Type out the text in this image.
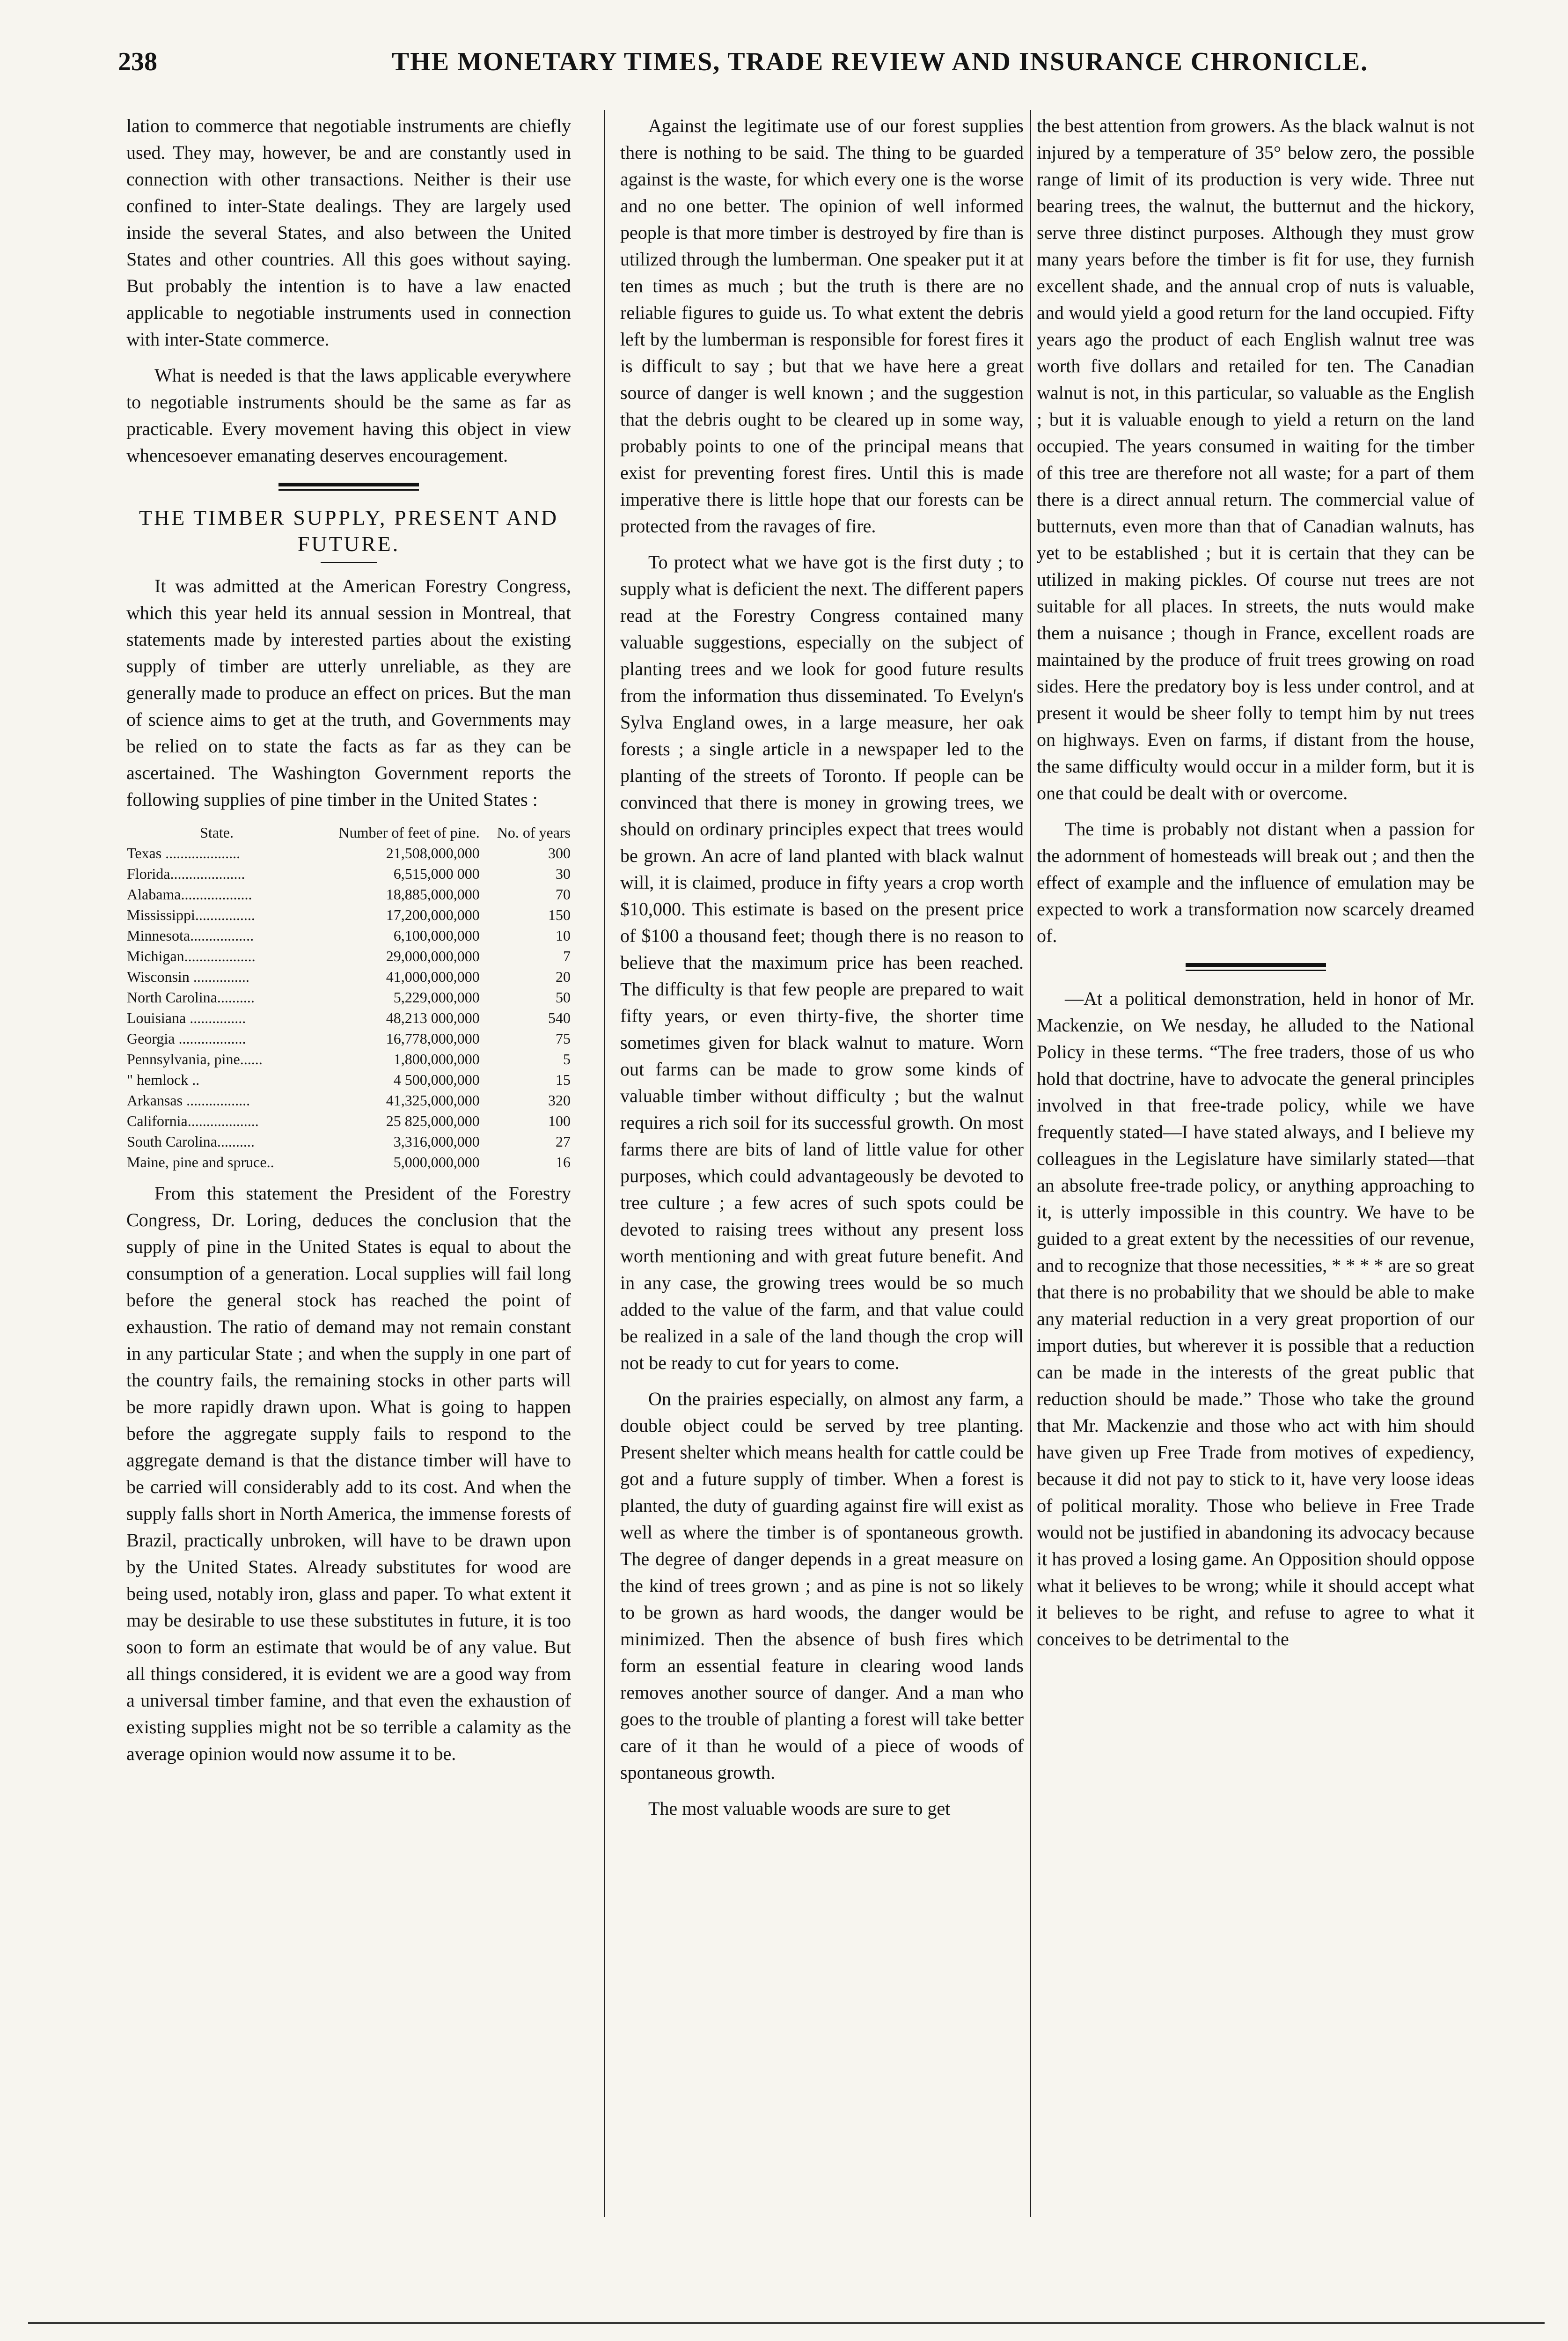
238	THE MONETARY TIMES, TRADE REVIEW AND INSURANCE CHRONICLE.

lation to commerce that negotiable instruments are chiefly used. They may, however, be and are constantly used in connection with other transactions. Neither is their use confined to inter-State dealings. They are largely used inside the several States, and also between the United States and other countries. All this goes without saying. But probably the intention is to have a law enacted applicable to negotiable instruments used in connection with inter-State commerce.

What is needed is that the laws applicable everywhere to negotiable instruments should be the same as far as practicable. Every movement having this object in view whencesoever emanating deserves encouragement.

THE TIMBER SUPPLY, PRESENT AND FUTURE.

It was admitted at the American Forestry Congress, which this year held its annual session in Montreal, that statements made by interested parties about the existing supply of timber are utterly unreliable, as they are generally made to produce an effect on prices. But the man of science aims to get at the truth, and Governments may be relied on to state the facts as far as they can be ascertained. The Washington Government reports the following supplies of pine timber in the United States :

State.	Number of feet of pine.	No. of years
Texas ....................	21,508,000,000	300
Florida....................	6,515,000 000	30
Alabama...................	18,885,000,000	70
Mississippi................	17,200,000,000	150
Minnesota.................	6,100,000,000	10
Michigan...................	29,000,000,000	7
Wisconsin ...............	41,000,000,000	20
North Carolina..........	5,229,000,000	50
Louisiana ...............	48,213 000,000	540
Georgia ..................	16,778,000,000	75
Pennsylvania, pine......	1,800,000,000	5
" hemlock ..	4 500,000,000	15
Arkansas .................	41,325,000,000	320
California...................	25 825,000,000	100
South Carolina..........	3,316,000,000	27
Maine, pine and spruce..	5,000,000,000	16

From this statement the President of the Forestry Congress, Dr. Loring, deduces the conclusion that the supply of pine in the United States is equal to about the consumption of a generation. Local supplies will fail long before the general stock has reached the point of exhaustion. The ratio of demand may not remain constant in any particular State ; and when the supply in one part of the country fails, the remaining stocks in other parts will be more rapidly drawn upon. What is going to happen before the aggregate supply fails to respond to the aggregate demand is that the distance timber will have to be carried will considerably add to its cost. And when the supply falls short in North America, the immense forests of Brazil, practically unbroken, will have to be drawn upon by the United States. Already substitutes for wood are being used, notably iron, glass and paper. To what extent it may be desirable to use these substitutes in future, it is too soon to form an estimate that would be of any value. But all things considered, it is evident we are a good way from a universal timber famine, and that even the exhaustion of existing supplies might not be so terrible a calamity as the average opinion would now assume it to be.

Against the legitimate use of our forest supplies there is nothing to be said. The thing to be guarded against is the waste, for which every one is the worse and no one better. The opinion of well informed people is that more timber is destroyed by fire than is utilized through the lumberman. One speaker put it at ten times as much ; but the truth is there are no reliable figures to guide us. To what extent the debris left by the lumberman is responsible for forest fires it is difficult to say ; but that we have here a great source of danger is well known ; and the suggestion that the debris ought to be cleared up in some way, probably points to one of the principal means that exist for preventing forest fires. Until this is made imperative there is little hope that our forests can be protected from the ravages of fire.

To protect what we have got is the first duty ; to supply what is deficient the next. The different papers read at the Forestry Congress contained many valuable suggestions, especially on the subject of planting trees and we look for good future results from the information thus disseminated. To Evelyn's Sylva England owes, in a large measure, her oak forests ; a single article in a newspaper led to the planting of the streets of Toronto. If people can be convinced that there is money in growing trees, we should on ordinary principles expect that trees would be grown. An acre of land planted with black walnut will, it is claimed, produce in fifty years a crop worth $10,000. This estimate is based on the present price of $100 a thousand feet; though there is no reason to believe that the maximum price has been reached. The difficulty is that few people are prepared to wait fifty years, or even thirty-five, the shorter time sometimes given for black walnut to mature. Worn out farms can be made to grow some kinds of valuable timber without difficulty ; but the walnut requires a rich soil for its successful growth. On most farms there are bits of land of little value for other purposes, which could advantageously be devoted to tree culture ; a few acres of such spots could be devoted to raising trees without any present loss worth mentioning and with great future benefit. And in any case, the growing trees would be so much added to the value of the farm, and that value could be realized in a sale of the land though the crop will not be ready to cut for years to come.

On the prairies especially, on almost any farm, a double object could be served by tree planting. Present shelter which means health for cattle could be got and a future supply of timber. When a forest is planted, the duty of guarding against fire will exist as well as where the timber is of spontaneous growth. The degree of danger depends in a great measure on the kind of trees grown ; and as pine is not so likely to be grown as hard woods, the danger would be minimized. Then the absence of bush fires which form an essential feature in clearing wood lands removes another source of danger. And a man who goes to the trouble of planting a forest will take better care of it than he would of a piece of woods of spontaneous growth.

The most valuable woods are sure to get

the best attention from growers. As the black walnut is not injured by a temperature of 35° below zero, the possible range of limit of its production is very wide. Three nut bearing trees, the walnut, the butternut and the hickory, serve three distinct purposes. Although they must grow many years before the timber is fit for use, they furnish excellent shade, and the annual crop of nuts is valuable, and would yield a good return for the land occupied. Fifty years ago the product of each English walnut tree was worth five dollars and retailed for ten. The Canadian walnut is not, in this particular, so valuable as the English ; but it is valuable enough to yield a return on the land occupied. The years consumed in waiting for the timber of this tree are therefore not all waste; for a part of them there is a direct annual return. The commercial value of butternuts, even more than that of Canadian walnuts, has yet to be established ; but it is certain that they can be utilized in making pickles. Of course nut trees are not suitable for all places. In streets, the nuts would make them a nuisance ; though in France, excellent roads are maintained by the produce of fruit trees growing on road sides. Here the predatory boy is less under control, and at present it would be sheer folly to tempt him by nut trees on highways. Even on farms, if distant from the house, the same difficulty would occur in a milder form, but it is one that could be dealt with or overcome.

The time is probably not distant when a passion for the adornment of homesteads will break out ; and then the effect of example and the influence of emulation may be expected to work a transformation now scarcely dreamed of.

—At a political demonstration, held in honor of Mr. Mackenzie, on We nesday, he alluded to the National Policy in these terms. “The free traders, those of us who hold that doctrine, have to advocate the general principles involved in that free-trade policy, while we have frequently stated—I have stated always, and I believe my colleagues in the Legislature have similarly stated—that an absolute free-trade policy, or anything approaching to it, is utterly impossible in this country. We have to be guided to a great extent by the necessities of our revenue, and to recognize that those necessities, * * * * are so great that there is no probability that we should be able to make any material reduction in a very great proportion of our import duties, but wherever it is possible that a reduction can be made in the interests of the great public that reduction should be made.” Those who take the ground that Mr. Mackenzie and those who act with him should have given up Free Trade from motives of expediency, because it did not pay to stick to it, have very loose ideas of political morality. Those who believe in Free Trade would not be justified in abandoning its advocacy because it has proved a losing game. An Opposition should oppose what it believes to be wrong; while it should accept what it believes to be right, and refuse to agree to what it conceives to be detrimental to the
